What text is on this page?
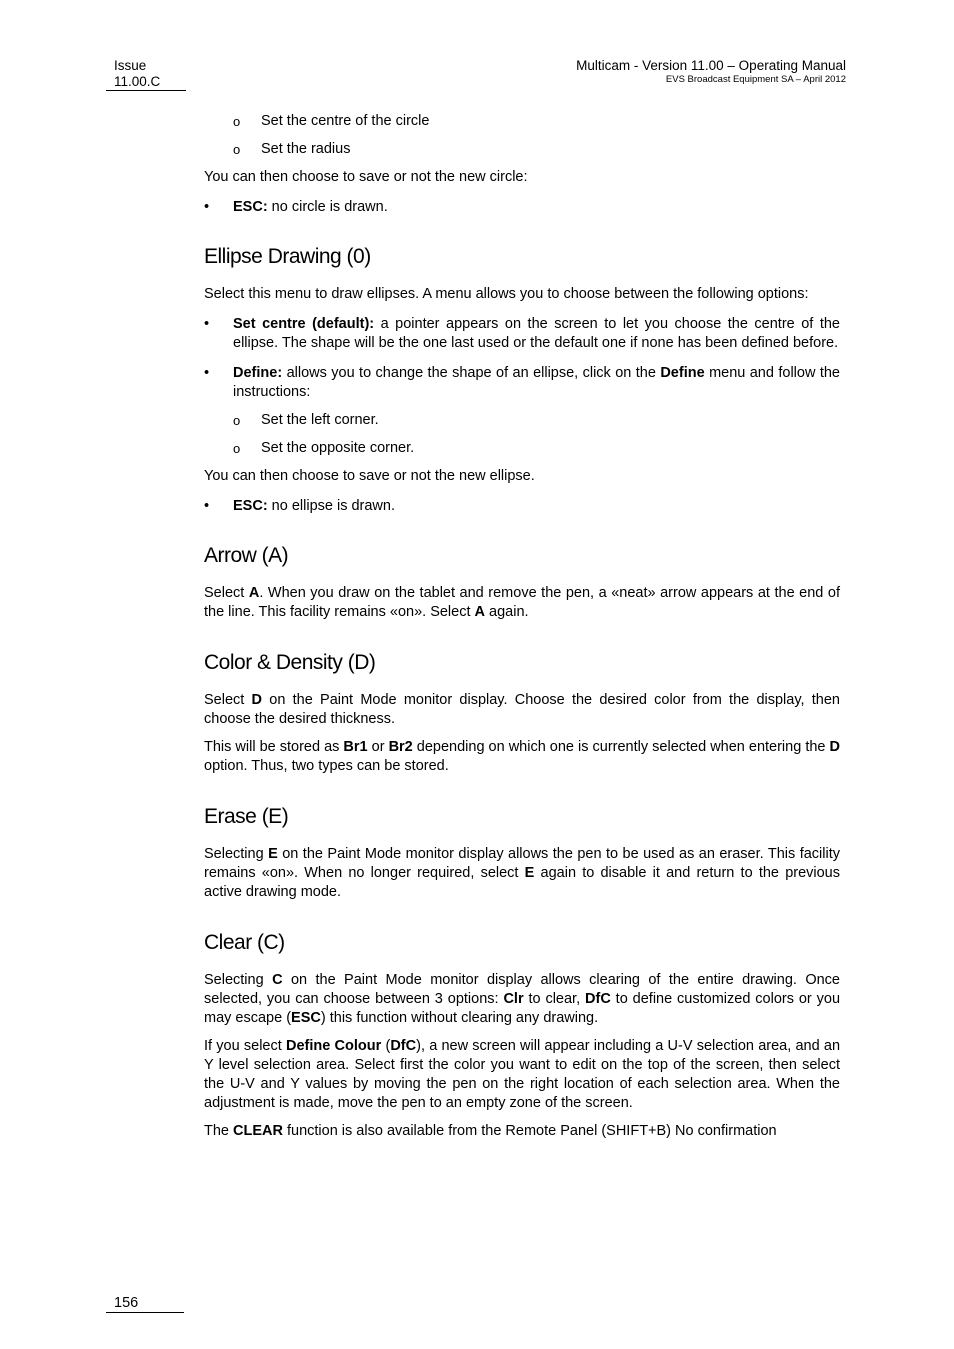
Issue
11.00.C
Multicam - Version 11.00 – Operating Manual
EVS Broadcast Equipment SA – April 2012
o Set the centre of the circle
o Set the radius

You can then choose to save or not the new circle:

• ESC: no circle is drawn.
Ellipse Drawing (0)

Select this menu to draw ellipses. A menu allows you to choose between the following options:

• Set centre (default): a pointer appears on the screen to let you choose the centre of the ellipse. The shape will be the one last used or the default one if none has been defined before.
• Define: allows you to change the shape of an ellipse, click on the Define menu and follow the instructions:
o Set the left corner.
o Set the opposite corner.

You can then choose to save or not the new ellipse.

• ESC: no ellipse is drawn.
Arrow (A)

Select A. When you draw on the tablet and remove the pen, a «neat» arrow appears at the end of the line. This facility remains «on». Select A again.

Color & Density (D)

Select D on the Paint Mode monitor display. Choose the desired color from the display, then choose the desired thickness.

This will be stored as Br1 or Br2 depending on which one is currently selected when entering the D option. Thus, two types can be stored.

Erase (E)

Selecting E on the Paint Mode monitor display allows the pen to be used as an eraser. This facility remains «on». When no longer required, select E again to disable it and return to the previous active drawing mode.

Clear (C)

Selecting C on the Paint Mode monitor display allows clearing of the entire drawing. Once selected, you can choose between 3 options: Clr to clear, DfC to define customized colors or you may escape (ESC) this function without clearing any drawing.

If you select Define Colour (DfC), a new screen will appear including a U-V selection area, and an Y level selection area. Select first the color you want to edit on the top of the screen, then select the U-V and Y values by moving the pen on the right location of each selection area. When the adjustment is made, move the pen to an empty zone of the screen.

The CLEAR function is also available from the Remote Panel (SHIFT+B) No confirmation

156
